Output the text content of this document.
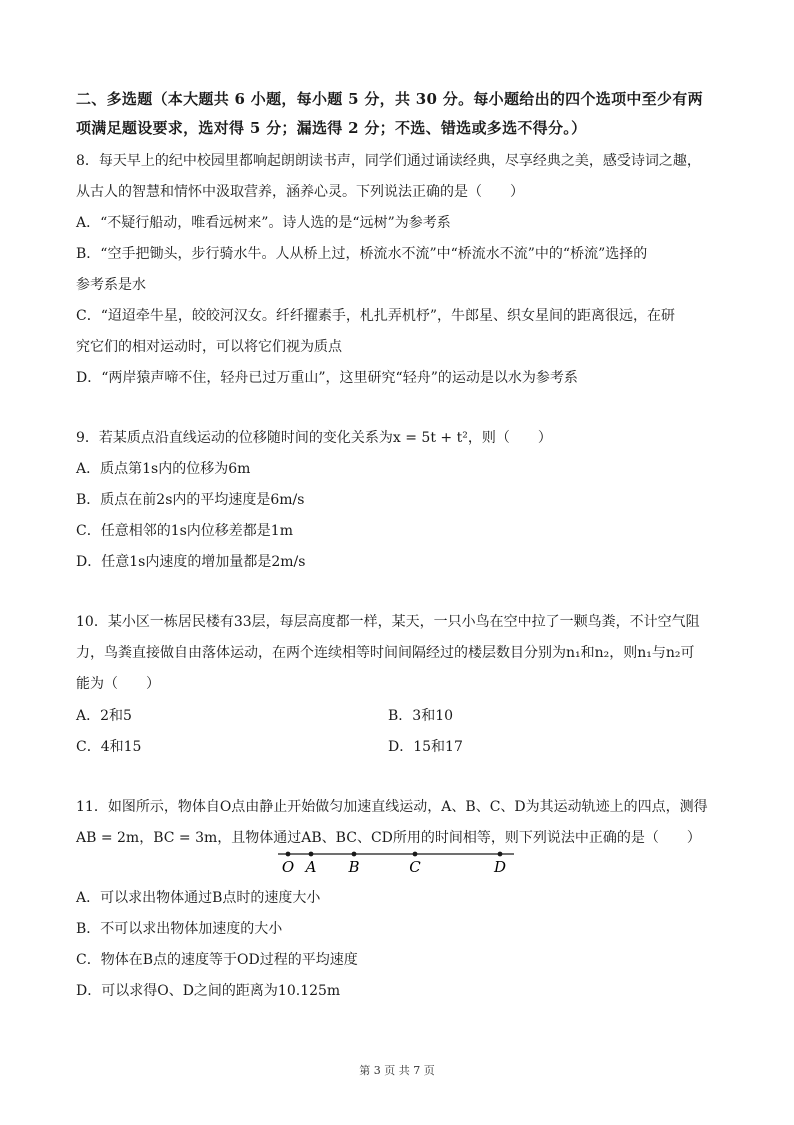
二、多选题（本大题共 6 小题，每小题 5 分，共 30 分。每小题给出的四个选项中至少有两
项满足题设要求，选对得 5 分；漏选得 2 分；不选、错选或多选不得分。）
8．每天早上的纪中校园里都响起朗朗读书声，同学们通过诵读经典，尽享经典之美，感受诗词之趣，
从古人的智慧和情怀中汲取营养，涵养心灵。下列说法正确的是（　　）
A．“不疑行船动，唯看远树来”。诗人选的是“远树”为参考系
B．“空手把锄头，步行骑水牛。人从桥上过，桥流水不流”中“桥流水不流”中的“桥流”选择的
参考系是水
C．“迢迢牵牛星，皎皎河汉女。纤纤擢素手，札扎弄机杼”，牛郎星、织女星间的距离很远，在研
究它们的相对运动时，可以将它们视为质点
D．“两岸猿声啼不住，轻舟已过万重山”，这里研究“轻舟”的运动是以水为参考系
9．若某质点沿直线运动的位移随时间的变化关系为x = 5t + t²，则（　　）
A．质点第1s内的位移为6m
B．质点在前2s内的平均速度是6m/s
C．任意相邻的1s内位移差都是1m
D．任意1s内速度的增加量都是2m/s
10．某小区一栋居民楼有33层，每层高度都一样，某天，一只小鸟在空中拉了一颗鸟粪，不计空气阻
力，鸟粪直接做自由落体运动，在两个连续相等时间间隔经过的楼层数目分别为n₁和n₂，则n₁与n₂可
能为（　　）
A．2和5	B．3和10
C．4和15	D．15和17
11．如图所示，物体自O点由静止开始做匀加速直线运动，A、B、C、D为其运动轨迹上的四点，测得
AB = 2m，BC = 3m，且物体通过AB、BC、CD所用的时间相等，则下列说法中正确的是（　　）
O A B	C	D
A．可以求出物体通过B点时的速度大小
B．不可以求出物体加速度的大小
C．物体在B点的速度等于OD过程的平均速度
D．可以求得O、D之间的距离为10.125m
第 3 页 共 7 页
